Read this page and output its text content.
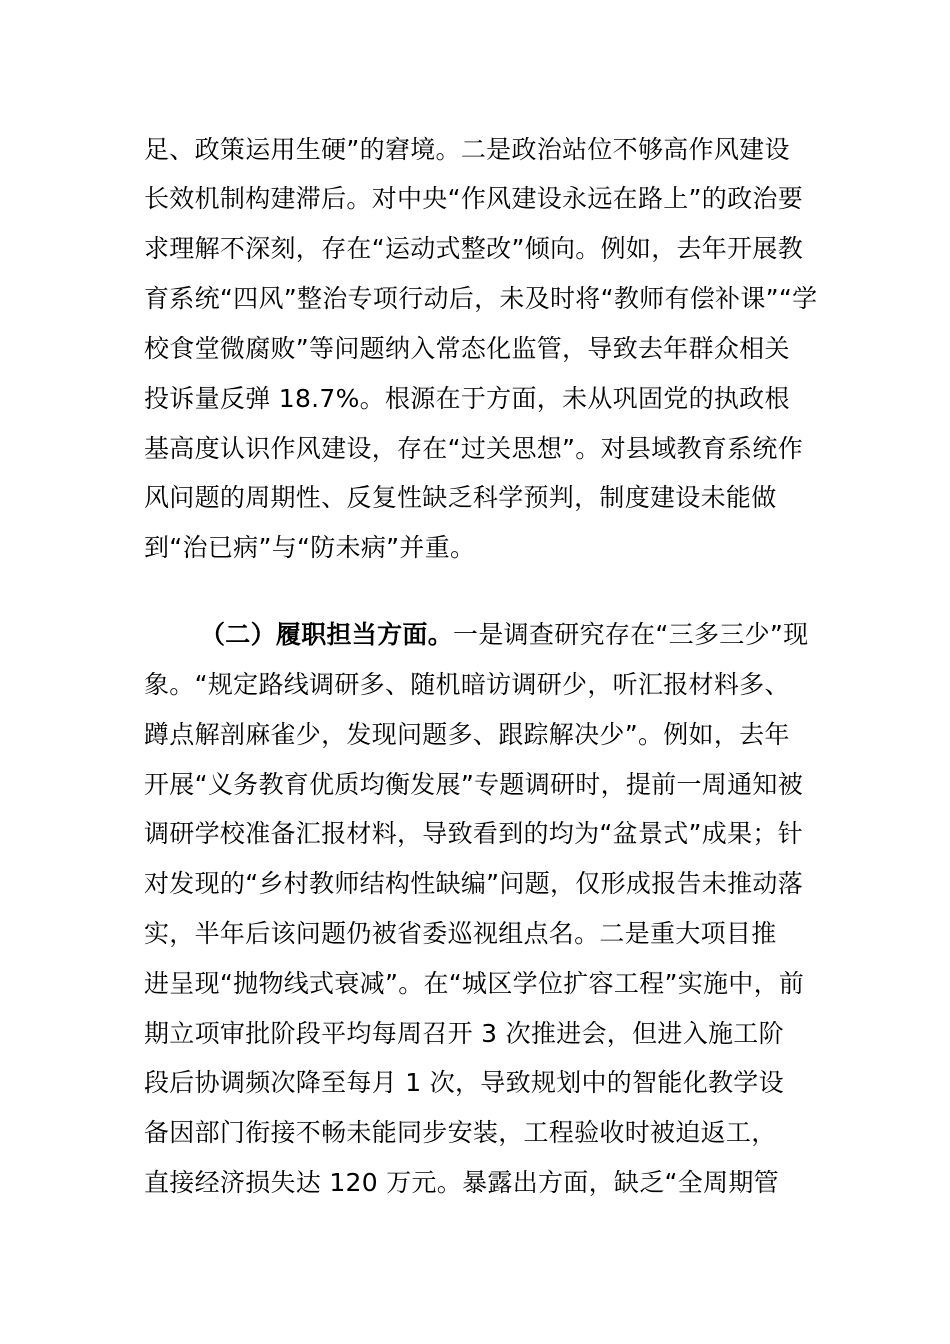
足、政策运用生硬”的窘境。二是政治站位不够高作风建设
长效机制构建滞后。对中央“作风建设永远在路上”的政治要
求理解不深刻，存在“运动式整改”倾向。例如，去年开展教
育系统“四风”整治专项行动后，未及时将“教师有偿补课”“学
校食堂微腐败”等问题纳入常态化监管，导致去年群众相关
投诉量反弹 18.7%。根源在于方面，未从巩固党的执政根
基高度认识作风建设，存在“过关思想”。对县域教育系统作
风问题的周期性、反复性缺乏科学预判，制度建设未能做
到“治已病”与“防未病”并重。
（二）履职担当方面。一是调查研究存在“三多三少”现
象。“规定路线调研多、随机暗访调研少，听汇报材料多、
蹲点解剖麻雀少，发现问题多、跟踪解决少”。例如，去年
开展“义务教育优质均衡发展”专题调研时，提前一周通知被
调研学校准备汇报材料，导致看到的均为“盆景式”成果；针
对发现的“乡村教师结构性缺编”问题，仅形成报告未推动落
实，半年后该问题仍被省委巡视组点名。二是重大项目推
进呈现“抛物线式衰减”。在“城区学位扩容工程”实施中，前
期立项审批阶段平均每周召开 3 次推进会，但进入施工阶
段后协调频次降至每月 1 次，导致规划中的智能化教学设
备因部门衔接不畅未能同步安装，工程验收时被迫返工，
直接经济损失达 120 万元。暴露出方面，缺乏“全周期管
